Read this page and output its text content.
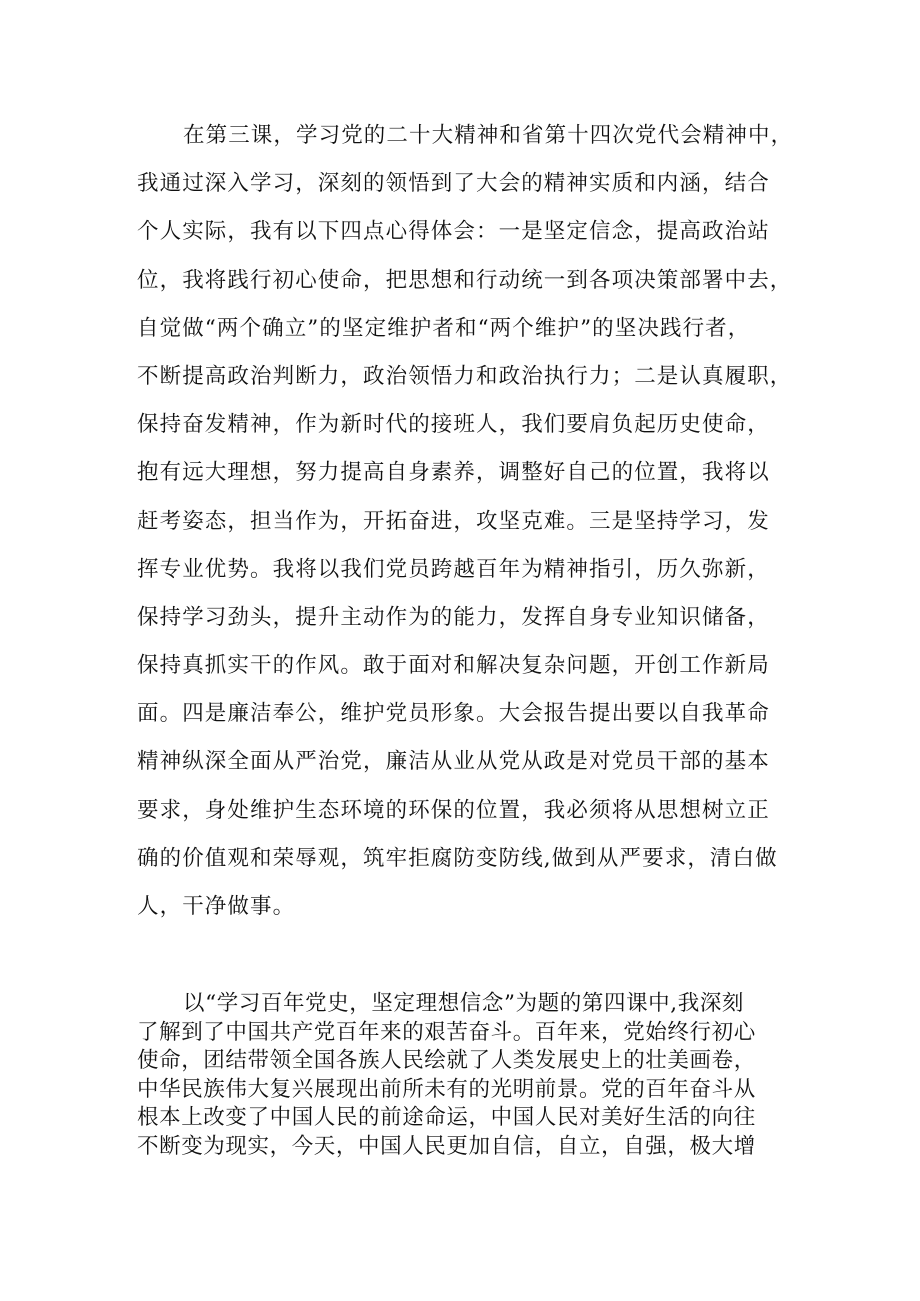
在第三课，学习党的二十大精神和省第十四次党代会精神中，
我通过深入学习，深刻的领悟到了大会的精神实质和内涵，结合
个人实际，我有以下四点心得体会：一是坚定信念，提高政治站
位，我将践行初心使命，把思想和行动统一到各项决策部署中去，
自觉做“两个确立”的坚定维护者和“两个维护”的坚决践行者，
不断提高政治判断力，政治领悟力和政治执行力；二是认真履职，
保持奋发精神，作为新时代的接班人，我们要肩负起历史使命，
抱有远大理想，努力提高自身素养，调整好自己的位置，我将以
赶考姿态，担当作为，开拓奋进，攻坚克难。三是坚持学习，发
挥专业优势。我将以我们党员跨越百年为精神指引，历久弥新，
保持学习劲头，提升主动作为的能力，发挥自身专业知识储备，
保持真抓实干的作风。敢于面对和解决复杂问题，开创工作新局
面。四是廉洁奉公，维护党员形象。大会报告提出要以自我革命
精神纵深全面从严治党，廉洁从业从党从政是对党员干部的基本
要求，身处维护生态环境的环保的位置，我必须将从思想树立正
确的价值观和荣辱观，筑牢拒腐防变防线,做到从严要求，清白做
人，干净做事。
以“学习百年党史，坚定理想信念”为题的第四课中,我深刻
了解到了中国共产党百年来的艰苦奋斗。百年来，党始终行初心
使命，团结带领全国各族人民绘就了人类发展史上的壮美画卷，
中华民族伟大复兴展现出前所未有的光明前景。党的百年奋斗从
根本上改变了中国人民的前途命运，中国人民对美好生活的向往
不断变为现实，今天，中国人民更加自信，自立，自强，极大增
